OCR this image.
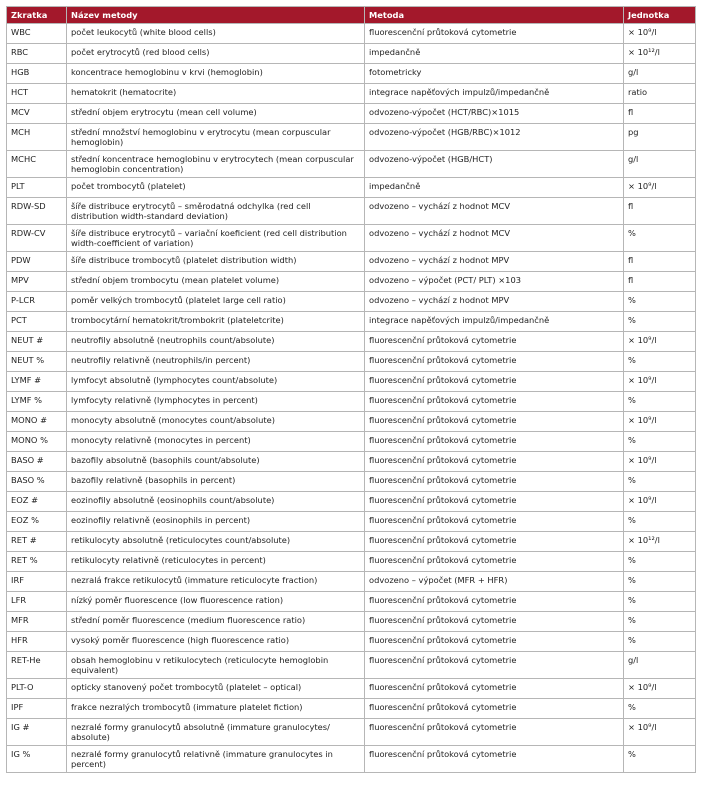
Zkratka	Název metody	Metoda	Jednotka
WBC	počet leukocytů (white blood cells)	fluorescenční průtoková cytometrie	× 10⁹/l
RBC	počet erytrocytů (red blood cells)	impedančně	× 10¹²/l
HGB	koncentrace hemoglobinu v krvi (hemoglobin)	fotometricky	g/l
HCT	hematokrit (hematocrite)	integrace napěťových impulzů/impedančně	ratio
MCV	střední objem erytrocytu (mean cell volume)	odvozeno-výpočet (HCT/RBC)×1015	fl
MCH	střední množství hemoglobinu v erytrocytu (mean corpuscular hemoglobin)	odvozeno-výpočet (HGB/RBC)×1012	pg
MCHC	střední koncentrace hemoglobinu v erytrocytech (mean corpuscular hemoglobin concentration)	odvozeno-výpočet (HGB/HCT)	g/l
PLT	počet trombocytů (platelet)	impedančně	× 10⁹/l
RDW-SD	šíře distribuce erytrocytů – směrodatná odchylka (red cell distribution width-standard deviation)	odvozeno – vychází z hodnot MCV	fl
RDW-CV	šíře distribuce erytrocytů – variační koeficient (red cell distribution width-coefficient of variation)	odvozeno – vychází z hodnot MCV	%
PDW	šíře distribuce trombocytů (platelet distribution width)	odvozeno – vychází z hodnot MPV	fl
MPV	střední objem trombocytu (mean platelet volume)	odvozeno – výpočet (PCT/ PLT) ×103	fl
P-LCR	poměr velkých trombocytů (platelet large cell ratio)	odvozeno – vychází z hodnot MPV	%
PCT	trombocytární hematokrit/trombokrit (plateletcrite)	integrace napěťových impulzů/impedančně	%
NEUT #	neutrofily absolutně (neutrophils count/absolute)	fluorescenční průtoková cytometrie	× 10⁹/l
NEUT %	neutrofily relativně (neutrophils/in percent)	fluorescenční průtoková cytometrie	%
LYMF #	lymfocyt absolutně (lymphocytes count/absolute)	fluorescenční průtoková cytometrie	× 10⁹/l
LYMF %	lymfocyty relativně (lymphocytes in percent)	fluorescenční průtoková cytometrie	%
MONO #	monocyty absolutně (monocytes count/absolute)	fluorescenční průtoková cytometrie	× 10⁹/l
MONO %	monocyty relativně (monocytes in percent)	fluorescenční průtoková cytometrie	%
BASO #	bazofily absolutně (basophils count/absolute)	fluorescenční průtoková cytometrie	× 10⁹/l
BASO %	bazofily relativně (basophils in percent)	fluorescenční průtoková cytometrie	%
EOZ #	eozinofily absolutně (eosinophils count/absolute)	fluorescenční průtoková cytometrie	× 10⁹/l
EOZ %	eozinofily relativně (eosinophils in percent)	fluorescenční průtoková cytometrie	%
RET #	retikulocyty absolutně (reticulocytes count/absolute)	fluorescenční průtoková cytometrie	× 10¹²/l
RET %	retikulocyty relativně (reticulocytes in percent)	fluorescenční průtoková cytometrie	%
IRF	nezralá frakce retikulocytů (immature reticulocyte fraction)	odvozeno – výpočet (MFR + HFR)	%
LFR	nízký poměr fluorescence (low fluorescence ration)	fluorescenční průtoková cytometrie	%
MFR	střední poměr fluorescence (medium fluorescence ratio)	fluorescenční průtoková cytometrie	%
HFR	vysoký poměr fluorescence (high fluorescence ratio)	fluorescenční průtoková cytometrie	%
RET-He	obsah hemoglobinu v retikulocytech (reticulocyte hemoglobin equivalent)	fluorescenční průtoková cytometrie	g/l
PLT-O	opticky stanovený počet trombocytů (platelet – optical)	fluorescenční průtoková cytometrie	× 10⁹/l
IPF	frakce nezralých trombocytů (immature platelet fiction)	fluorescenční průtoková cytometrie	%
IG #	nezralé formy granulocytů absolutně (immature granulocytes/ absolute)	fluorescenční průtoková cytometrie	× 10⁹/l
IG %	nezralé formy granulocytů relativně (immature granulocytes in percent)	fluorescenční průtoková cytometrie	%
